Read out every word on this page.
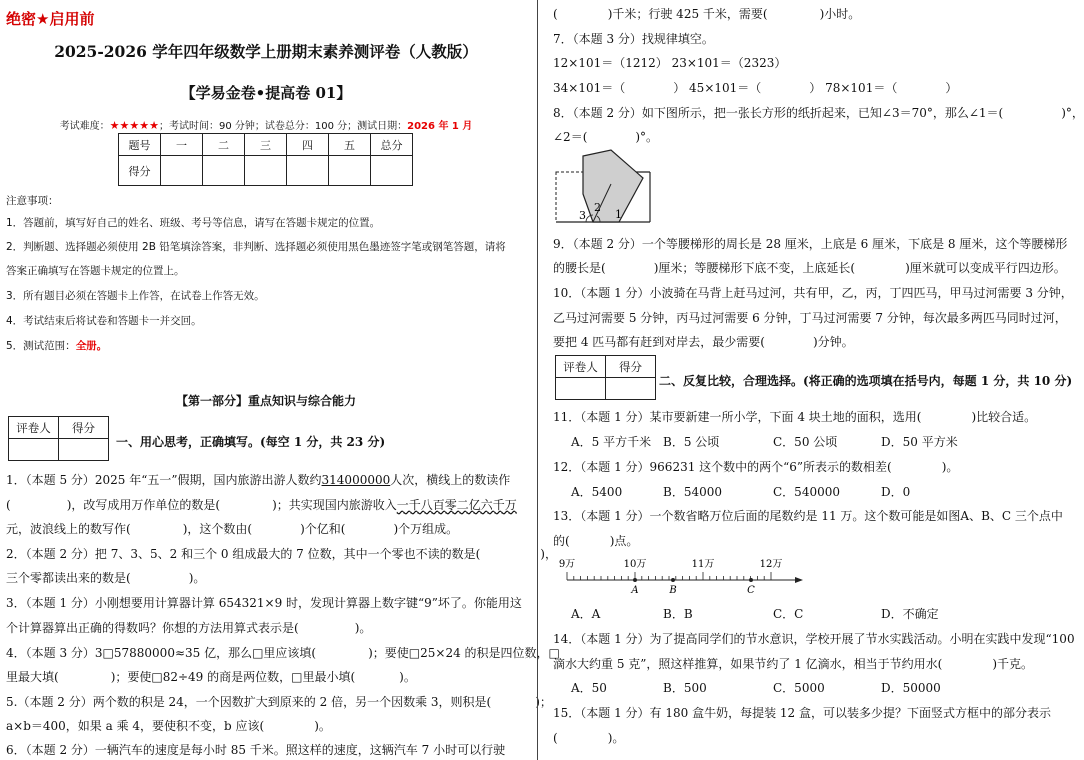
绝密★启用前
2025-2026 学年四年级数学上册期末素养测评卷（人教版）
【学易金卷•提高卷 01】
考试难度：★★★★★；考试时间：90 分钟；试卷总分：100 分；测试日期：2026 年 1 月
题号	一	二	三	四	五	总分
得分						
注意事项：
1．答题前，填写好自己的姓名、班级、考号等信息，请写在答题卡规定的位置。
2．判断题、选择题必须使用 2B 铅笔填涂答案，非判断、选择题必须使用黑色墨迹签字笔或钢笔答题，请将
答案正确填写在答题卡规定的位置上。
3．所有题目必须在答题卡上作答，在试卷上作答无效。
4．考试结束后将试卷和答题卡一并交回。
5．测试范围：全册。
【第一部分】重点知识与综合能力
评卷人	得分

一、用心思考，正确填写。(每空 1 分，共 23 分)
1．（本题 5 分）2025 年“五一”假期，国内旅游出游人数约314000000人次，横线上的数读作
(	)，改写成用万作单位的数是(	)；共实现国内旅游收入一千八百零二亿六千万
元，波浪线上的数写作(	)，这个数由(	)个亿和(	)个万组成。
2．（本题 2 分）把 7、3、5、2 和三个 0 组成最大的 7 位数，其中一个零也不读的数是(	)，
三个零都读出来的数是(	)。
3．（本题 1 分）小刚想要用计算器计算 654321×9 时，发现计算器上数字键“9”坏了。你能用这
个计算器算出正确的得数吗？你想的方法用算式表示是(	)。
4．（本题 3 分）3□57880000≈35 亿，那么□里应该填(	)；要使□25×24 的积是四位数，□
里最大填(	)；要使□82÷49 的商是两位数，□里最小填(	)。
5.（本题 2 分）两个数的积是 24，一个因数扩大到原来的 2 倍，另一个因数乘 3，则积是(	)；
a×b＝400，如果 a 乘 4，要使积不变，b 应该(	)。
6．（本题 2 分）一辆汽车的速度是每小时 85 千米。照这样的速度，这辆汽车 7 小时可以行驶
(	)千米；行驶 425 千米，需要(	)小时。
7．（本题 3 分）找规律填空。
12×101＝（1212） 23×101＝（2323）
34×101＝（	） 45×101＝（	） 78×101＝（	）
8．（本题 2 分）如下图所示，把一张长方形的纸折起来，已知∠3＝70°，那么∠1＝(	)°，
∠2＝(	)°。
3
2
1
9．（本题 2 分）一个等腰梯形的周长是 28 厘米，上底是 6 厘米，下底是 8 厘米，这个等腰梯形
的腰长是(	)厘米；等腰梯形下底不变，上底延长(	)厘米就可以变成平行四边形。
10．（本题 1 分）小波骑在马背上赶马过河，共有甲，乙，丙，丁四匹马，甲马过河需要 3 分钟，
乙马过河需要 5 分钟，丙马过河需要 6 分钟，丁马过河需要 7 分钟，每次最多两匹马同时过河，
要把 4 匹马都有赶到对岸去，最少需要(	)分钟。
评卷人	得分

二、反复比较，合理选择。(将正确的选项填在括号内，每题 1 分，共 10 分)
11．（本题 1 分）某市要新建一所小学，下面 4 块土地的面积，选用(	)比较合适。
A．5 平方千米 B．5 公顷	C．50 公顷	D．50 平方米
12．（本题 1 分）966231 这个数中的两个“6”所表示的数相差(	)。
A．5400	B．54000	C．540000	D．0
13．（本题 1 分）一个数省略万位后面的尾数约是 11 万。这个数可能是如图A、B、C 三个点中
的(	)点。
9万	10万	11万	12万
A	B	C
A．A	B．B	C．C	D．不确定
14．（本题 1 分）为了提高同学们的节水意识，学校开展了节水实践活动。小明在实践中发现“100
滴水大约重 5 克”，照这样推算，如果节约了 1 亿滴水，相当于节约用水(	)千克。
A．50	B．500	C．5000	D．50000
15．（本题 1 分）有 180 盒牛奶，每提装 12 盒，可以装多少提？下面竖式方框中的部分表示
(	)。
